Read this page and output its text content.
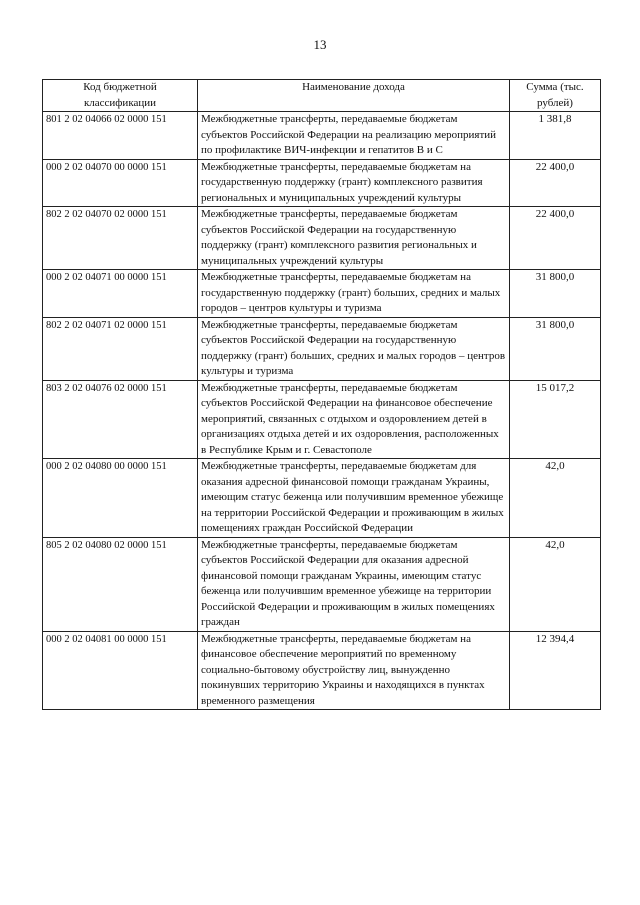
13
Код бюджетной классификации	Наименование дохода	Сумма (тыс. рублей)
801 2 02 04066 02 0000 151	Межбюджетные трансферты, передаваемые бюджетам субъектов Российской Федерации на реализацию мероприятий по профилактике ВИЧ-инфекции и гепатитов В и С	1 381,8
000 2 02 04070 00 0000 151	Межбюджетные трансферты, передаваемые бюджетам на государственную поддержку (грант) комплексного развития региональных и муниципальных учреждений культуры	22 400,0
802 2 02 04070 02 0000 151	Межбюджетные трансферты, передаваемые бюджетам субъектов Российской Федерации на государственную поддержку (грант) комплексного развития региональных и муниципальных учреждений культуры	22 400,0
000 2 02 04071 00 0000 151	Межбюджетные трансферты, передаваемые бюджетам на государственную поддержку (грант) больших, средних и малых городов – центров культуры и туризма	31 800,0
802 2 02 04071 02 0000 151	Межбюджетные трансферты, передаваемые бюджетам субъектов Российской Федерации на государственную поддержку (грант) больших, средних и малых городов – центров культуры и туризма	31 800,0
803 2 02 04076 02 0000 151	Межбюджетные трансферты, передаваемые бюджетам субъектов Российской Федерации на финансовое обеспечение мероприятий, связанных с отдыхом и оздоровлением детей в организациях отдыха детей и их оздоровления, расположенных в Республике Крым и г. Севастополе	15 017,2
000 2 02 04080 00 0000 151	Межбюджетные трансферты, передаваемые бюджетам для оказания адресной финансовой помощи гражданам Украины, имеющим статус беженца или получившим временное убежище на территории Российской Федерации и проживающим в жилых помещениях граждан Российской Федерации	42,0
805 2 02 04080 02 0000 151	Межбюджетные трансферты, передаваемые бюджетам субъектов Российской Федерации для оказания адресной финансовой помощи гражданам Украины, имеющим статус беженца или получившим временное убежище на территории Российской Федерации и проживающим в жилых помещениях граждан	42,0
000 2 02 04081 00 0000 151	Межбюджетные трансферты, передаваемые бюджетам на финансовое обеспечение мероприятий по временному социально-бытовому обустройству лиц, вынужденно покинувших территорию Украины и находящихся в пунктах временного размещения	12 394,4
